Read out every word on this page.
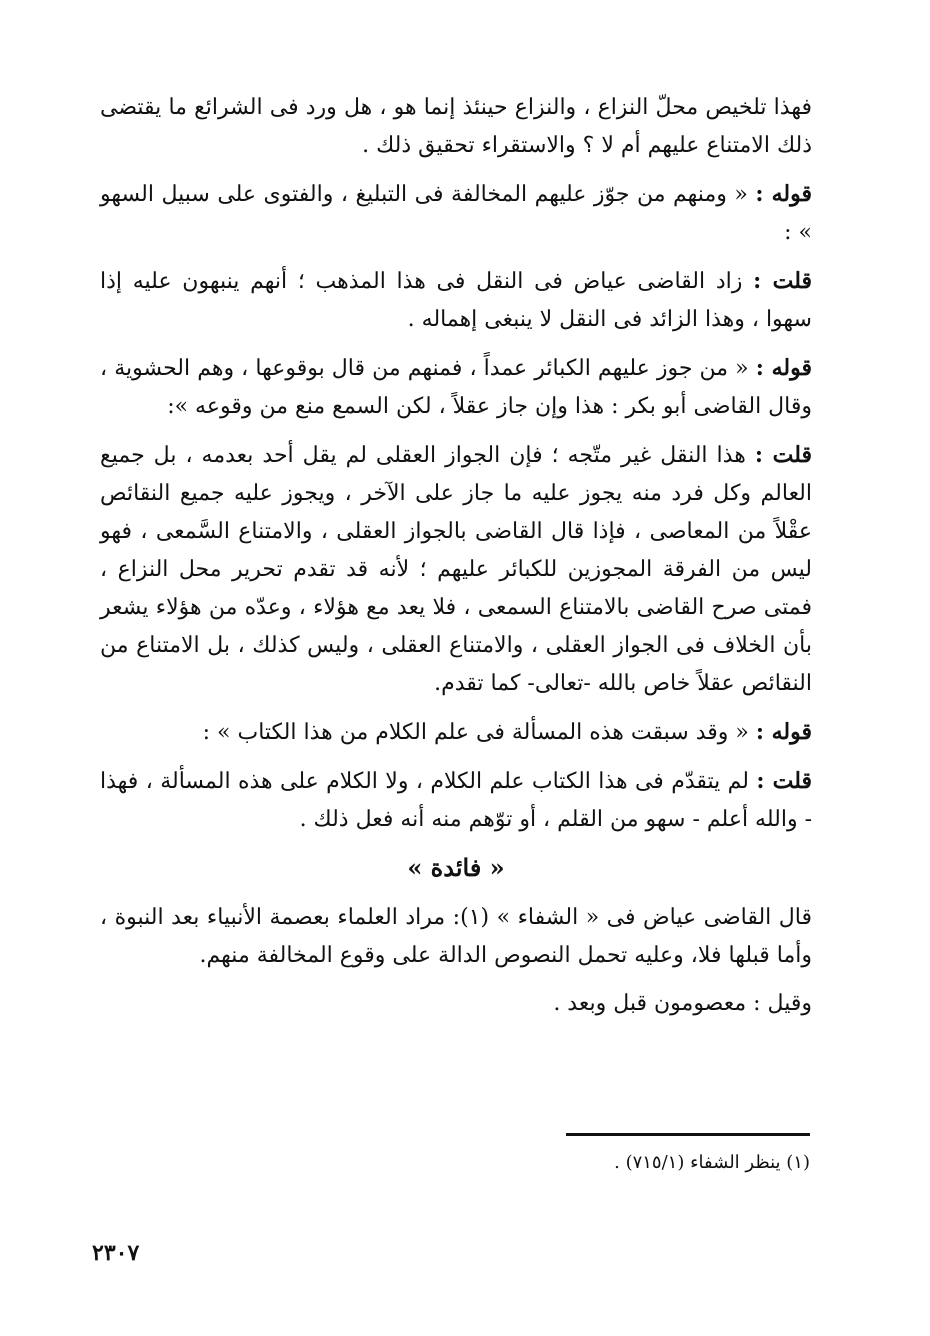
فهذا تلخيص محلّ النزاع ، والنزاع حينئذ إنما هو ، هل ورد فى الشرائع ما يقتضى ذلك الامتناع عليهم أم لا ؟ والاستقراء تحقيق ذلك .

قوله : « ومنهم من جوّز عليهم المخالفة فى التبليغ ، والفتوى على سبيل السهو » :

قلت : زاد القاضى عياض فى النقل فى هذا المذهب ؛ أنهم ينبهون عليه إذا سهوا ، وهذا الزائد فى النقل لا ينبغى إهماله .

قوله : « من جوز عليهم الكبائر عمداً ، فمنهم من قال بوقوعها ، وهم الحشوية ، وقال القاضى أبو بكر : هذا وإن جاز عقلاً ، لكن السمع منع من وقوعه »:

قلت : هذا النقل غير متّجه ؛ فإن الجواز العقلى لم يقل أحد بعدمه ، بل جميع العالم وكل فرد منه يجوز عليه ما جاز على الآخر ، ويجوز عليه جميع النقائص عقْلاً من المعاصى ، فإذا قال القاضى بالجواز العقلى ، والامتناع السَّمعى ، فهو ليس من الفرقة المجوزين للكبائر عليهم ؛ لأنه قد تقدم تحرير محل النزاع ، فمتى صرح القاضى بالامتناع السمعى ، فلا يعد مع هؤلاء ، وعدّه من هؤلاء يشعر بأن الخلاف فى الجواز العقلى ، والامتناع العقلى ، وليس كذلك ، بل الامتناع من النقائص عقلاً خاص بالله -تعالى- كما تقدم.

قوله : « وقد سبقت هذه المسألة فى علم الكلام من هذا الكتاب » :

قلت : لم يتقدّم فى هذا الكتاب علم الكلام ، ولا الكلام على هذه المسألة ، فهذا - والله أعلم - سهو من القلم ، أو توّهم منه أنه فعل ذلك .

« فائدة »

قال القاضى عياض فى « الشفاء » (١): مراد العلماء بعصمة الأنبياء بعد النبوة ، وأما قبلها فلا، وعليه تحمل النصوص الدالة على وقوع المخالفة منهم.

وقيل : معصومون قبل وبعد .

(١) ينظر الشفاء (٧١٥/١) .
٢٣٠٧
